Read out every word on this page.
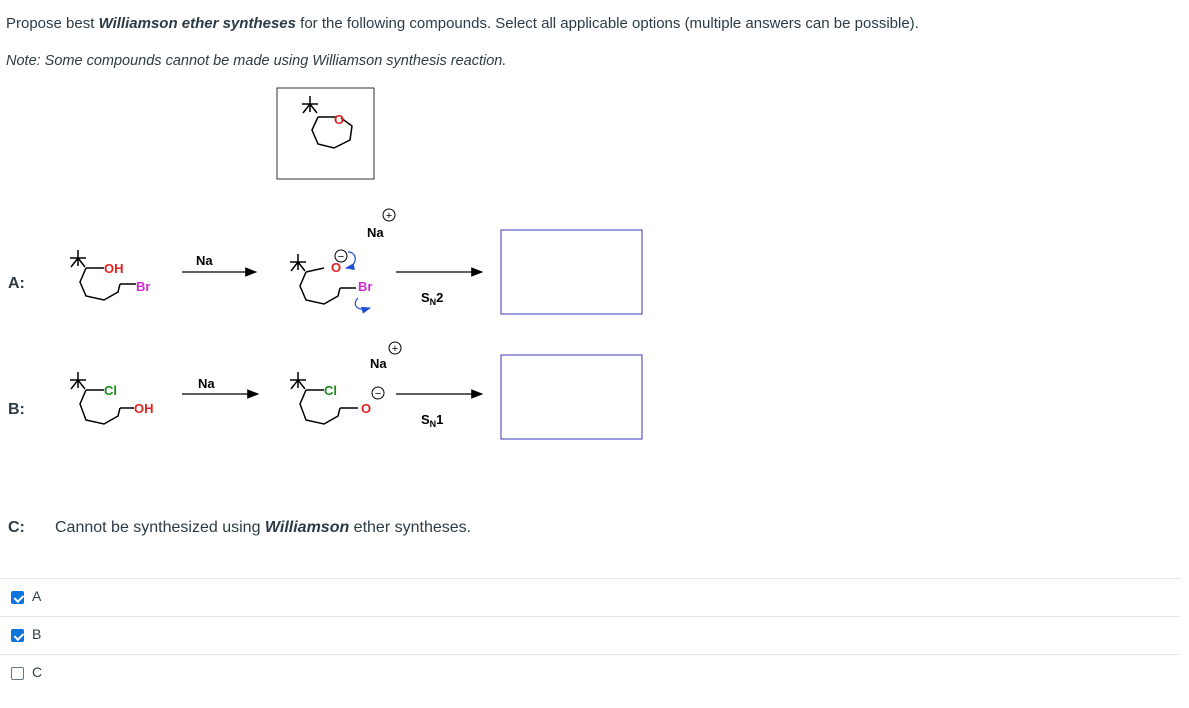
Propose best Williamson ether syntheses for the following compounds. Select all applicable options (multiple answers can be possible).
Note: Some compounds cannot be made using Williamson synthesis reaction.
O
A:
OH
Br
Na	O
−
Br
+
Na
$S_N2$
B:
Cl
OH
Na	Cl
O
−
+
Na
$S_N1$
C: Cannot be synthesized using Williamson ether syntheses.
A
B
C
